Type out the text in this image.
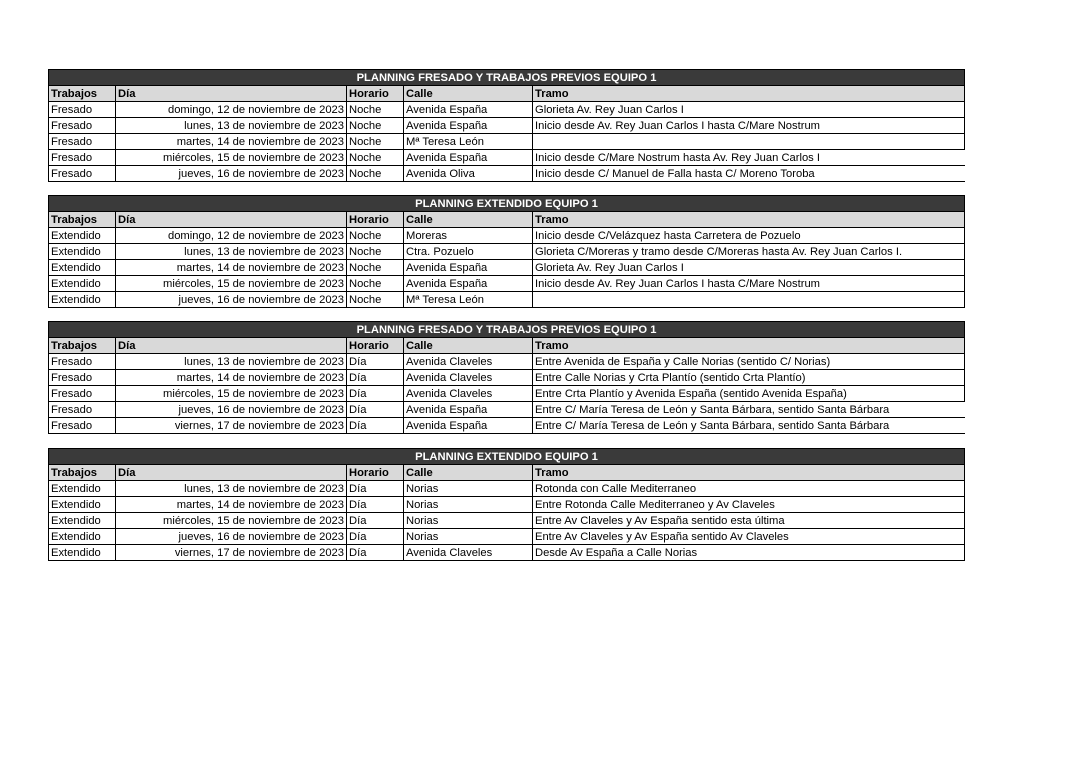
PLANNING FRESADO Y TRABAJOS PREVIOS EQUIPO 1				
Trabajos	Día	Horario	Calle	Tramo
Fresado	domingo, 12 de noviembre de 2023	Noche	Avenida España	Glorieta Av. Rey Juan Carlos I
Fresado	lunes, 13 de noviembre de 2023	Noche	Avenida España	Inicio desde Av. Rey Juan Carlos I hasta C/Mare Nostrum
Fresado	martes, 14 de noviembre de 2023	Noche	Mª Teresa León	
Fresado	miércoles, 15 de noviembre de 2023	Noche	Avenida España	Inicio desde C/Mare Nostrum hasta Av. Rey Juan Carlos I
Fresado	jueves, 16 de noviembre de 2023	Noche	Avenida Oliva	Inicio desde C/ Manuel de Falla hasta C/ Moreno Toroba
PLANNING EXTENDIDO EQUIPO 1				
Trabajos	Día	Horario	Calle	Tramo
Extendido	domingo, 12 de noviembre de 2023	Noche	Moreras	Inicio desde C/Velázquez hasta Carretera de Pozuelo
Extendido	lunes, 13 de noviembre de 2023	Noche	Ctra. Pozuelo	Glorieta C/Moreras y tramo desde C/Moreras hasta Av. Rey Juan Carlos I.
Extendido	martes, 14 de noviembre de 2023	Noche	Avenida España	Glorieta Av. Rey Juan Carlos I
Extendido	miércoles, 15 de noviembre de 2023	Noche	Avenida España	Inicio desde Av. Rey Juan Carlos I hasta C/Mare Nostrum
Extendido	jueves, 16 de noviembre de 2023	Noche	Mª Teresa León	
PLANNING FRESADO Y TRABAJOS PREVIOS EQUIPO 1				
Trabajos	Día	Horario	Calle	Tramo
Fresado	lunes, 13 de noviembre de 2023	Día	Avenida Claveles	Entre Avenida de España y Calle Norias (sentido C/ Norias)
Fresado	martes, 14 de noviembre de 2023	Día	Avenida Claveles	Entre Calle Norias y Crta Plantío (sentido Crta Plantío)
Fresado	miércoles, 15 de noviembre de 2023	Día	Avenida Claveles	Entre Crta Plantío y Avenida España (sentido Avenida España)
Fresado	jueves, 16 de noviembre de 2023	Día	Avenida España	Entre C/ María Teresa de León y Santa Bárbara, sentido Santa Bárbara
Fresado	viernes, 17 de noviembre de 2023	Día	Avenida España	Entre C/ María Teresa de León y Santa Bárbara, sentido Santa Bárbara
PLANNING EXTENDIDO EQUIPO 1				
Trabajos	Día	Horario	Calle	Tramo
Extendido	lunes, 13 de noviembre de 2023	Día	Norias	Rotonda con Calle Mediterraneo
Extendido	martes, 14 de noviembre de 2023	Día	Norias	Entre Rotonda Calle Mediterraneo y Av Claveles
Extendido	miércoles, 15 de noviembre de 2023	Día	Norias	Entre Av Claveles y Av España sentido esta última
Extendido	jueves, 16 de noviembre de 2023	Día	Norias	Entre Av Claveles y Av España sentido Av Claveles
Extendido	viernes, 17 de noviembre de 2023	Día	Avenida Claveles	Desde Av España a Calle Norias
